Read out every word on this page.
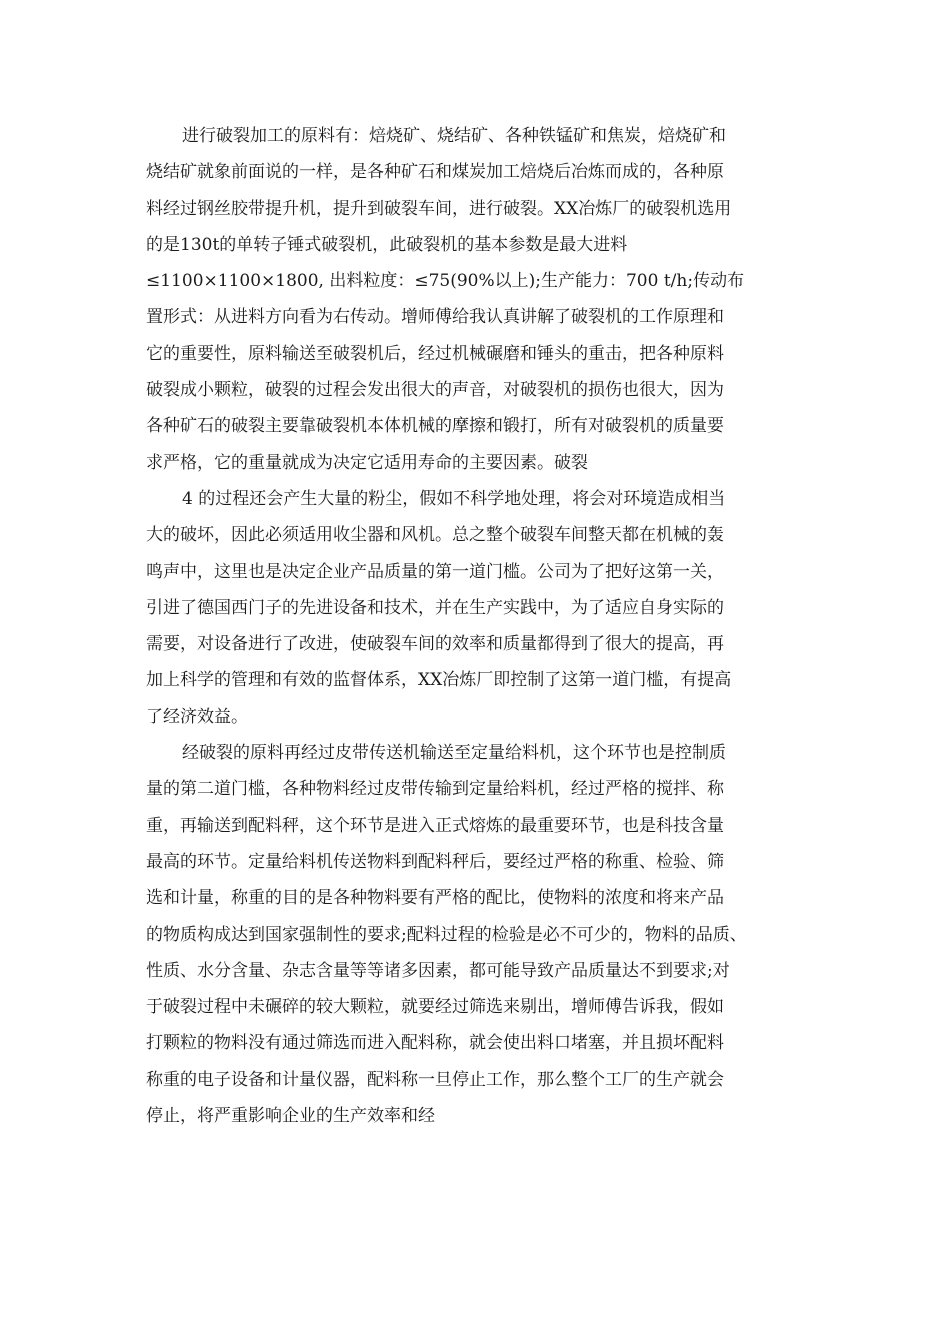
进行破裂加工的原料有：焙烧矿、烧结矿、各种铁锰矿和焦炭，焙烧矿和
烧结矿就象前面说的一样，是各种矿石和煤炭加工焙烧后冶炼而成的，各种原
料经过钢丝胶带提升机，提升到破裂车间，进行破裂。XX冶炼厂的破裂机选用
的是130t的单转子锤式破裂机，此破裂机的基本参数是最大进料
≤1100×1100×1800, 出料粒度：≤75(90%以上);生产能力：700 t/h;传动布
置形式：从进料方向看为右传动。增师傅给我认真讲解了破裂机的工作原理和
它的重要性，原料输送至破裂机后，经过机械碾磨和锤头的重击，把各种原料
破裂成小颗粒，破裂的过程会发出很大的声音，对破裂机的损伤也很大，因为
各种矿石的破裂主要靠破裂机本体机械的摩擦和锻打，所有对破裂机的质量要
求严格，它的重量就成为决定它适用寿命的主要因素。破裂
4 的过程还会产生大量的粉尘，假如不科学地处理，将会对环境造成相当
大的破坏，因此必须适用收尘器和风机。总之整个破裂车间整天都在机械的轰
鸣声中，这里也是决定企业产品质量的第一道门槛。公司为了把好这第一关，
引进了德国西门子的先进设备和技术，并在生产实践中，为了适应自身实际的
需要，对设备进行了改进，使破裂车间的效率和质量都得到了很大的提高，再
加上科学的管理和有效的监督体系，XX冶炼厂即控制了这第一道门槛，有提高
了经济效益。
经破裂的原料再经过皮带传送机输送至定量给料机，这个环节也是控制质
量的第二道门槛，各种物料经过皮带传输到定量给料机，经过严格的搅拌、称
重，再输送到配料秤，这个环节是进入正式熔炼的最重要环节，也是科技含量
最高的环节。定量给料机传送物料到配料秤后，要经过严格的称重、检验、筛
选和计量，称重的目的是各种物料要有严格的配比，使物料的浓度和将来产品
的物质构成达到国家强制性的要求;配料过程的检验是必不可少的，物料的品质、
性质、水分含量、杂志含量等等诸多因素，都可能导致产品质量达不到要求;对
于破裂过程中未碾碎的较大颗粒，就要经过筛选来剔出，增师傅告诉我，假如
打颗粒的物料没有通过筛选而进入配料称，就会使出料口堵塞，并且损坏配料
称重的电子设备和计量仪器，配料称一旦停止工作，那么整个工厂的生产就会
停止，将严重影响企业的生产效率和经
